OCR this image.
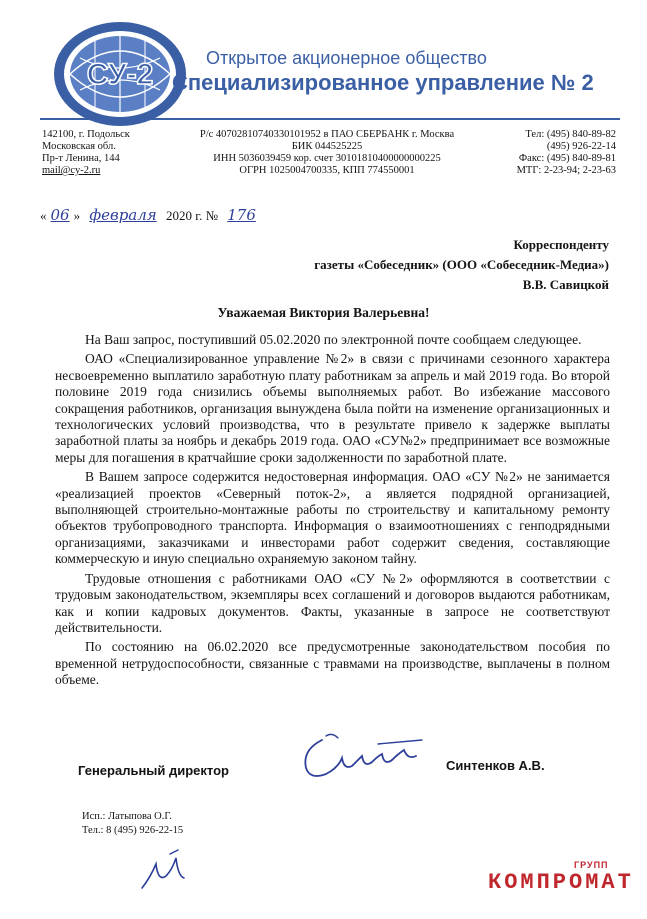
СУ-2	Открытое акционерное общество
Специализированное управление № 2
142100, г. Подольск
Московская обл.
Пр-т Ленина, 144
mail@cy-2.ru
Р/с 40702810740330101952 в ПАО СБЕРБАНК г. Москва
БИК 044525225
ИНН 5036039459 кор. счет 30101810400000000225
ОГРН 1025004700335, КПП 774550001
Тел: (495) 840-89-82
(495) 926-22-14
Факс: (495) 840-89-81
МТГ: 2-23-94; 2-23-63
« 06 » февраля 2020 г. № 176
Корреспонденту
газеты «Собеседник» (ООО «Собеседник-Медиа»)
В.В. Савицкой
Уважаемая Виктория Валерьевна!

На Ваш запрос, поступивший 05.02.2020 по электронной почте сообщаем следующее.

ОАО «Специализированное управление №2» в связи с причинами сезонного характера несвоевременно выплатило заработную плату работникам за апрель и май 2019 года. Во второй половине 2019 года снизились объемы выполняемых работ. Во избежание массового сокращения работников, организация вынуждена была пойти на изменение организационных и технологических условий производства, что в результате привело к задержке выплаты заработной платы за ноябрь и декабрь 2019 года. ОАО «СУ№2» предпринимает все возможные меры для погашения в кратчайшие сроки задолженности по заработной плате.

В Вашем запросе содержится недостоверная информация. ОАО «СУ №2» не занимается «реализацией проектов «Северный поток-2», а является подрядной организацией, выполняющей строительно-монтажные работы по строительству и капитальному ремонту объектов трубопроводного транспорта. Информация о взаимоотношениях с генподрядными организациями, заказчиками и инвесторами работ содержит сведения, составляющие коммерческую и иную специально охраняемую законом тайну.

Трудовые отношения с работниками ОАО «СУ №2» оформляются в соответствии с трудовым законодательством, экземпляры всех соглашений и договоров выдаются работникам, как и копии кадровых документов. Факты, указанные в запросе не соответствуют действительности.

По состоянию на 06.02.2020 все предусмотренные законодательством пособия по временной нетрудоспособности, связанные с травмами на производстве, выплачены в полном объеме.

Генеральный директор	Синтенков А.В.
Исп.: Латыпова О.Г.
Тел.: 8 (495) 926-22-15
ГРУПП
КОМПРОМАТ
